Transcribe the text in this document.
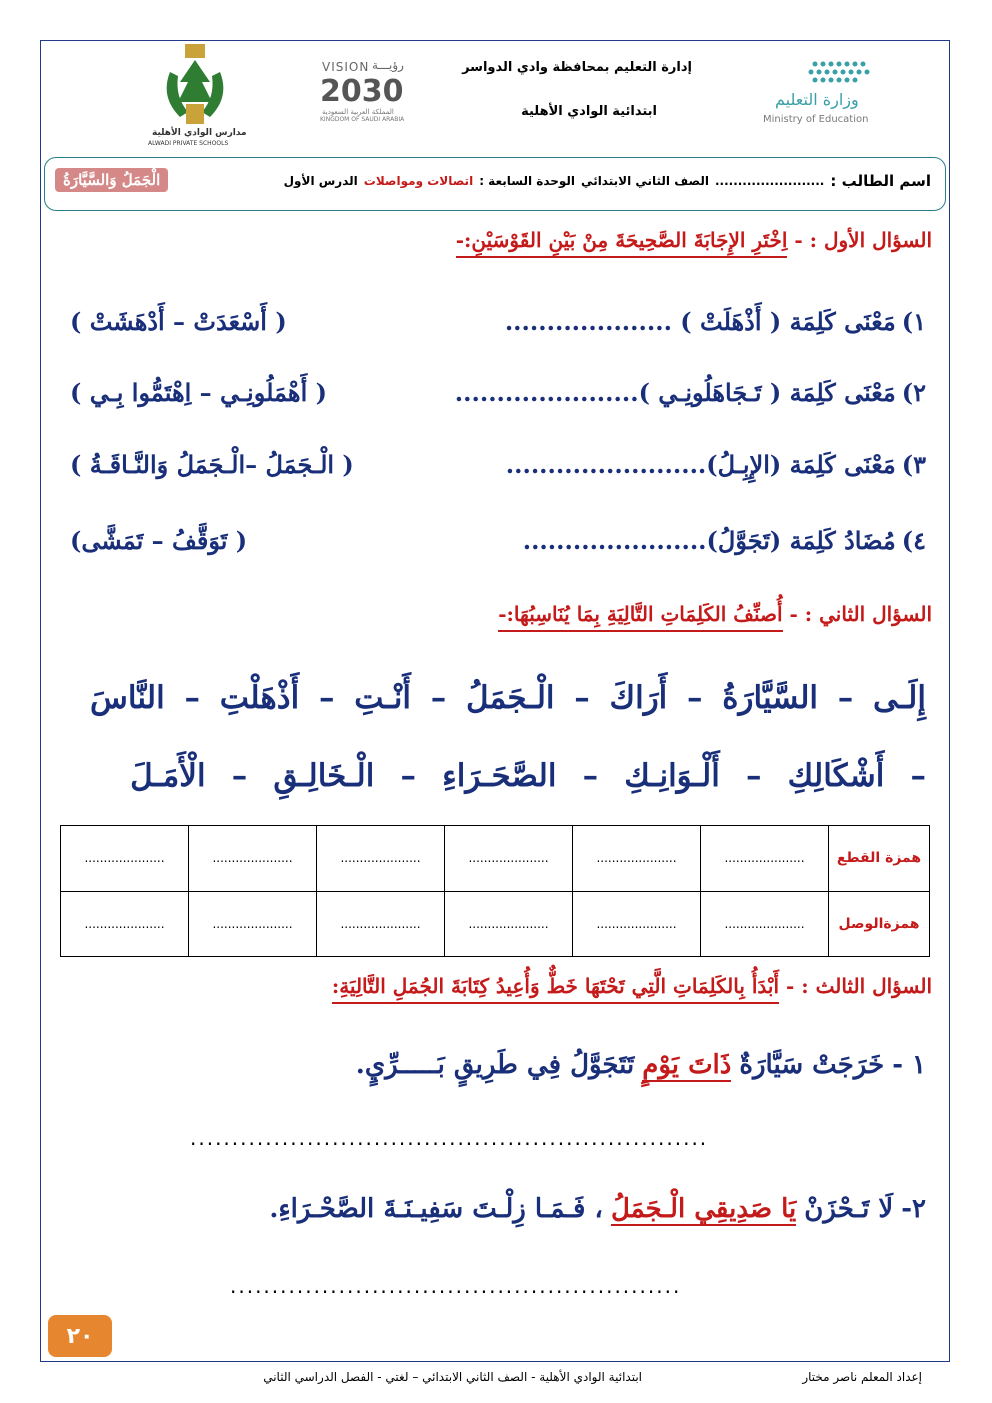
وزارة التعليم
Ministry of Education
إدارة التعليم بمحافظة وادي الدواسر
ابتدائية الوادي الأهلية
VISION رؤيـــة
2030
المملكة العربية السعودية
KINGDOM OF SAUDI ARABIA
مدارس الوادي الأهلية
ALWADI PRIVATE SCHOOLS
اسم الطالب :
........................
الصف الثاني الابتدائي
الوحدة السابعة :
اتصالات ومواصلات
الدرس الأول
الْجَمَلُ وَالسَّيَّارَةُ
السؤال الأول : - اِخْتَرِ الإِجَابَةَ الصَّحِيحَةَ مِنْ بَيْنِ القَوْسَيْنِ:-
١)
مَعْنَى كَلِمَة ( أَذْهَلَتْ ) ....................
( أَسْعَدَتْ – أَدْهَشَتْ )
٢)
مَعْنَى كَلِمَة ( تَـجَاهَلُونِـي )......................
( أَهْمَلُونِـي – اِهْتَمُّوا بِـي )
٣)
مَعْنَى كَلِمَة (الإِبِـلُ)........................
( الْـجَمَلُ –الْـجَمَلُ وَالنَّـاقَـةُ )
٤)
مُضَادُ كَلِمَة (تَجَوَّلُ)......................
( تَوَقَّفُ – تَمَشَّى)
السؤال الثاني : - أُصنِّفُ الكَلِمَاتِ التَّالِيَةِ بِمَا يُنَاسِبُهَا:-
إِلَـى
–
السَّيَّارَةُ
–
أَرَاكَ
–
الْـجَمَلُ
–
أَنْـتِ
–
أَذْهَلْتِ
–
النَّاسَ
–
أَشْكَالِكِ
–
أَلْـوَانِـكِ
–
الصَّحَـرَاءِ
–
الْـخَالِـقِ
–
الْأَمَـلَ
همزة القطع	.....................	.....................	.....................	.....................	.....................	.....................
همزةالوصل	.....................	.....................	.....................	.....................	.....................	.....................
السؤال الثالث : - أَبْدَأُ بِالكَلِمَاتِ الَّتِي تَحْتَهَا خَطٌّ وَأُعِيدُ كِتَابَةَ الجُمَلِ التَّالِيَةِ:
١ -
خَرَجَتْ سَيَّارَةٌ
ذَاتَ يَوْمٍ
تَتَجَوَّلُ فِي طَرِيقٍ بَـــــرِّيٍ.
..............................................................
٢-
لَا تَـحْزَنْ
يَا صَدِيقِي الْـجَمَلُ
، فَـمَـا زِلْـتَ سَفِيـنَـةَ الصَّحْـرَاءِ.
......................................................
٢٠
إعداد المعلم ناصر مختار
ابتدائية الوادي الأهلية - الصف الثاني الابتدائي – لغتي - الفصل الدراسي الثاني
